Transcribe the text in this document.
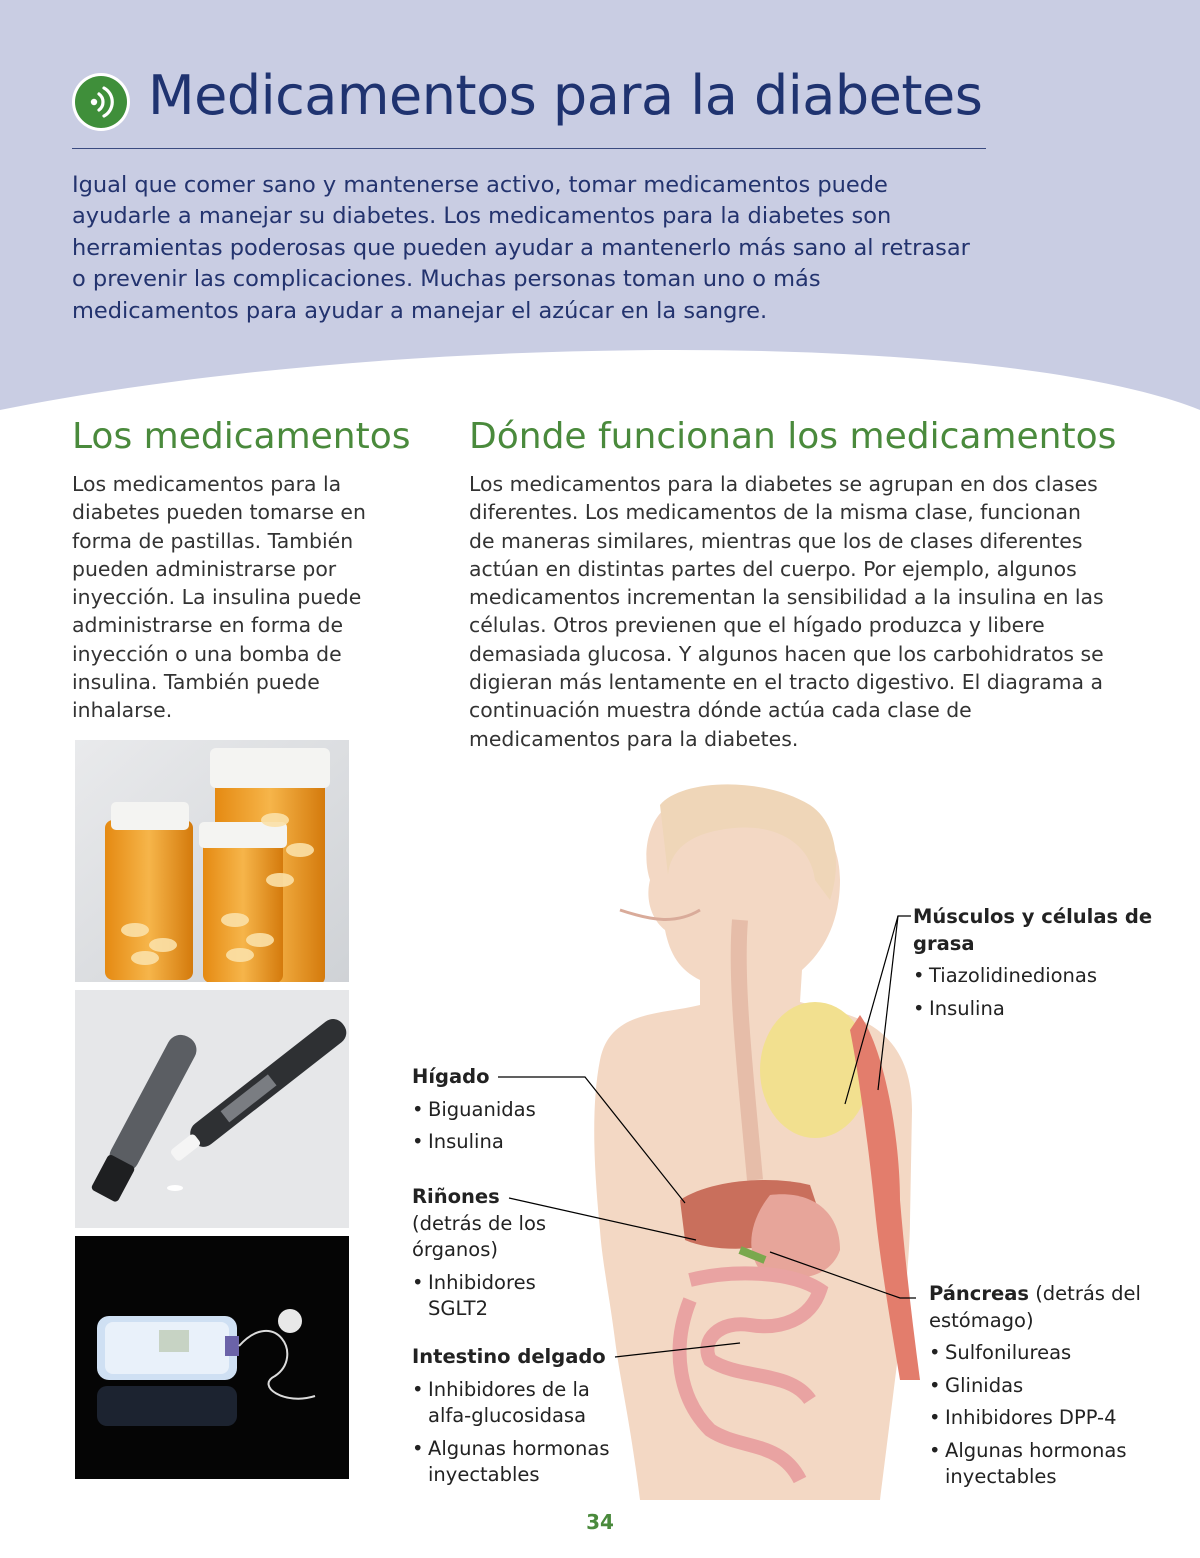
Medicamentos para la diabetes

Igual que comer sano y mantenerse activo, tomar medicamentos puede ayudarle a manejar su diabetes. Los medicamentos para la diabetes son herramientas poderosas que pueden ayudar a mantenerlo más sano al retrasar o prevenir las complicaciones. Muchas personas toman uno o más medicamentos para ayudar a manejar el azúcar en la sangre.

Los medicamentos

Los medicamentos para la diabetes pueden tomarse en forma de pastillas. También pueden administrarse por inyección. La insulina puede administrarse en forma de inyección o una bomba de insulina. También puede inhalarse.

Dónde funcionan los medicamentos

Los medicamentos para la diabetes se agrupan en dos clases diferentes. Los medicamentos de la misma clase, funcionan de maneras similares, mientras que los de clases diferentes actúan en distintas partes del cuerpo. Por ejemplo, algunos medicamentos incrementan la sensibilidad a la insulina en las células. Otros previenen que el hígado produzca y libere demasiada glucosa. Y algunos hacen que los carbohidratos se digieran más lentamente en el tracto digestivo. El diagrama a continuación muestra dónde actúa cada clase de medicamentos para la diabetes.

Músculos y células de grasa
• Tiazolidinedionas
• Insulina
Hígado
• Biguanidas
• Insulina
Riñones
(detrás de los órganos)
• Inhibidores SGLT2
Intestino delgado
• Inhibidores de la alfa-glucosidasa
• Algunas hormonas inyectables
Páncreas (detrás del estómago)
• Sulfonilureas
• Glinidas
• Inhibidores DPP-4
• Algunas hormonas inyectables
34
